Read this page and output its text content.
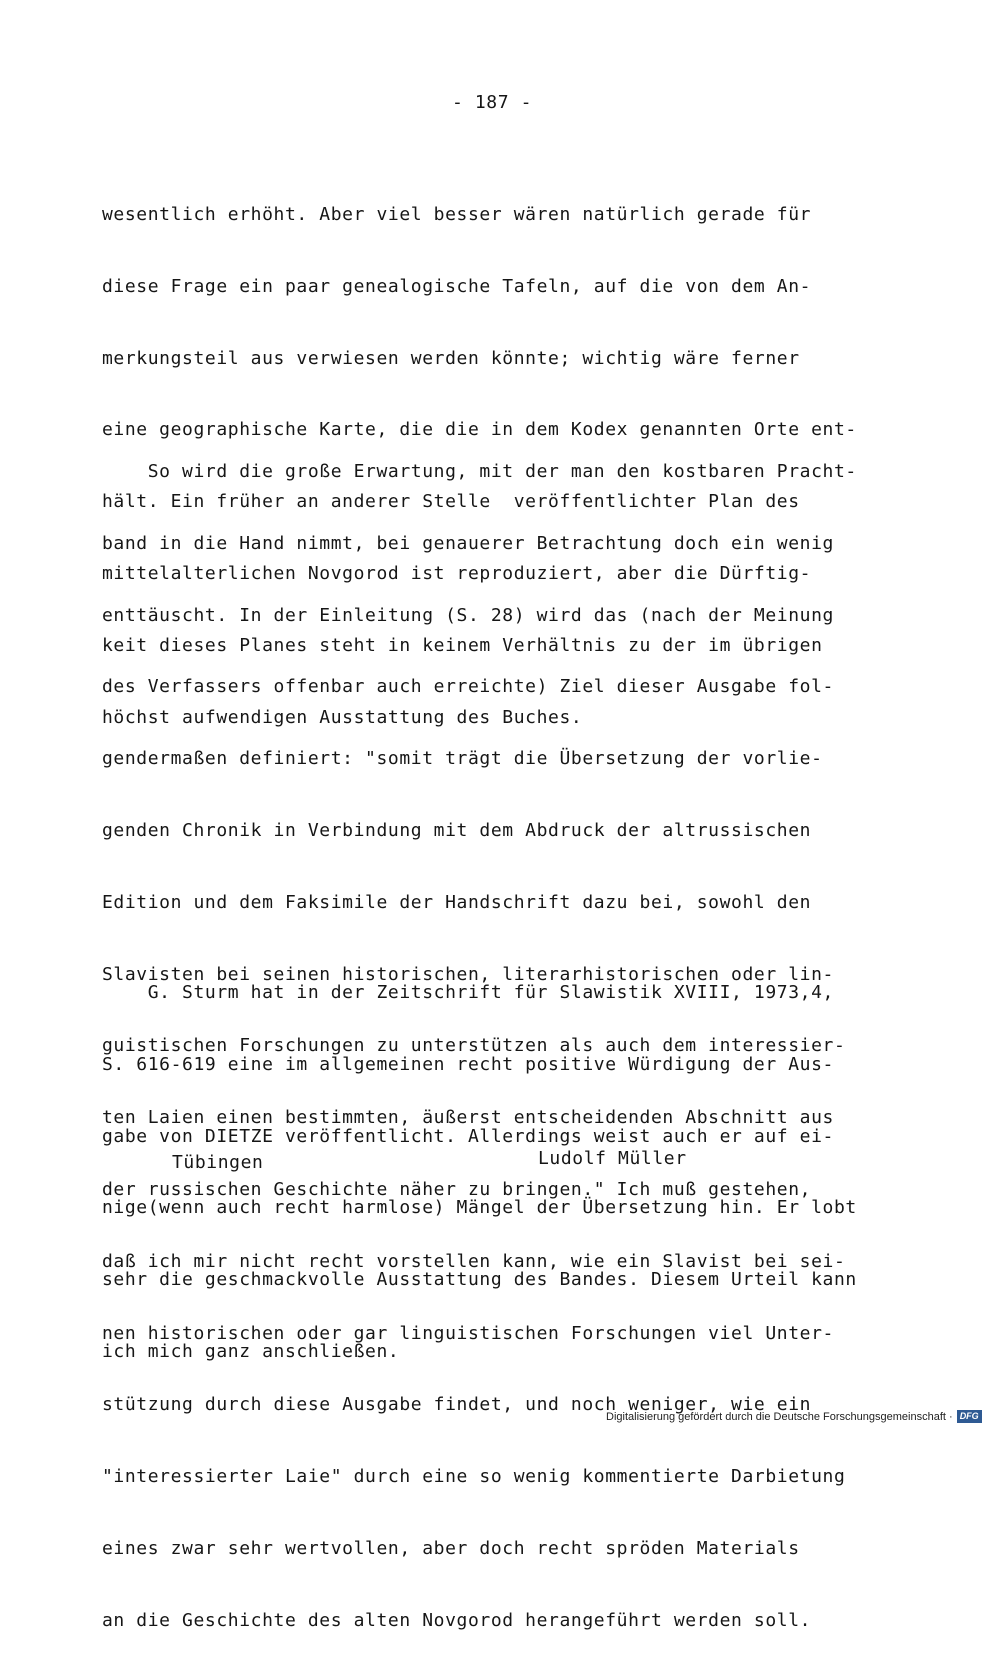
- 187 -

wesentlich erhöht. Aber viel besser wären natürlich gerade für

diese Frage ein paar genealogische Tafeln, auf die von dem An-

merkungsteil aus verwiesen werden könnte; wichtig wäre ferner

eine geographische Karte, die die in dem Kodex genannten Orte ent-

hält. Ein früher an anderer Stelle  veröffentlichter Plan des

mittelalterlichen Novgorod ist reproduziert, aber die Dürftig-

keit dieses Planes steht in keinem Verhältnis zu der im übrigen

höchst aufwendigen Ausstattung des Buches.

So wird die große Erwartung, mit der man den kostbaren Pracht-

band in die Hand nimmt, bei genauerer Betrachtung doch ein wenig

enttäuscht. In der Einleitung (S. 28) wird das (nach der Meinung

des Verfassers offenbar auch erreichte) Ziel dieser Ausgabe fol-

gendermaßen definiert: "somit trägt die Übersetzung der vorlie-

genden Chronik in Verbindung mit dem Abdruck der altrussischen

Edition und dem Faksimile der Handschrift dazu bei, sowohl den

Slavisten bei seinen historischen, literarhistorischen oder lin-

guistischen Forschungen zu unterstützen als auch dem interessier-

ten Laien einen bestimmten, äußerst entscheidenden Abschnitt aus

der russischen Geschichte näher zu bringen." Ich muß gestehen,

daß ich mir nicht recht vorstellen kann, wie ein Slavist bei sei-

nen historischen oder gar linguistischen Forschungen viel Unter-

stützung durch diese Ausgabe findet, und noch weniger, wie ein

"interessierter Laie" durch eine so wenig kommentierte Darbietung

eines zwar sehr wertvollen, aber doch recht spröden Materials

an die Geschichte des alten Novgorod herangeführt werden soll.

G. Sturm hat in der Zeitschrift für Slawistik XVIII, 1973,4,

S. 616-619 eine im allgemeinen recht positive Würdigung der Aus-

gabe von DIETZE veröffentlicht. Allerdings weist auch er auf ei-

nige(wenn auch recht harmlose) Mängel der Übersetzung hin. Er lobt

sehr die geschmackvolle Ausstattung des Bandes. Diesem Urteil kann

ich mich ganz anschließen.

Tübingen	Ludolf Müller
Digitalisierung gefördert durch die Deutsche Forschungsgemeinschaft · DFG
